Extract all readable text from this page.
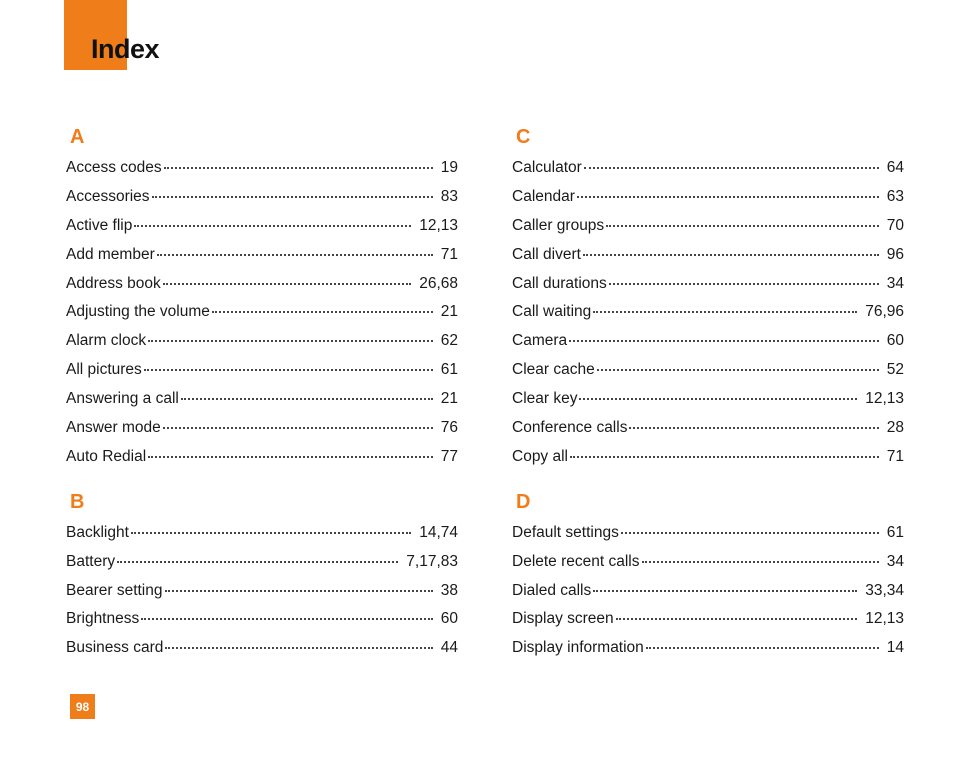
Index
A
Access codes	19
Accessories	83
Active flip	12,13
Add member	71
Address book	26,68
Adjusting the volume	21
Alarm clock	62
All pictures	61
Answering a call	21
Answer mode	76
Auto Redial	77
B
Backlight	14,74
Battery	7,17,83
Bearer setting	38
Brightness	60
Business card	44
C
Calculator	64
Calendar	63
Caller groups	70
Call divert	96
Call durations	34
Call waiting	76,96
Camera	60
Clear cache	52
Clear key	12,13
Conference calls	28
Copy all	71
D
Default settings	61
Delete recent calls	34
Dialed calls	33,34
Display screen	12,13
Display information	14
98
